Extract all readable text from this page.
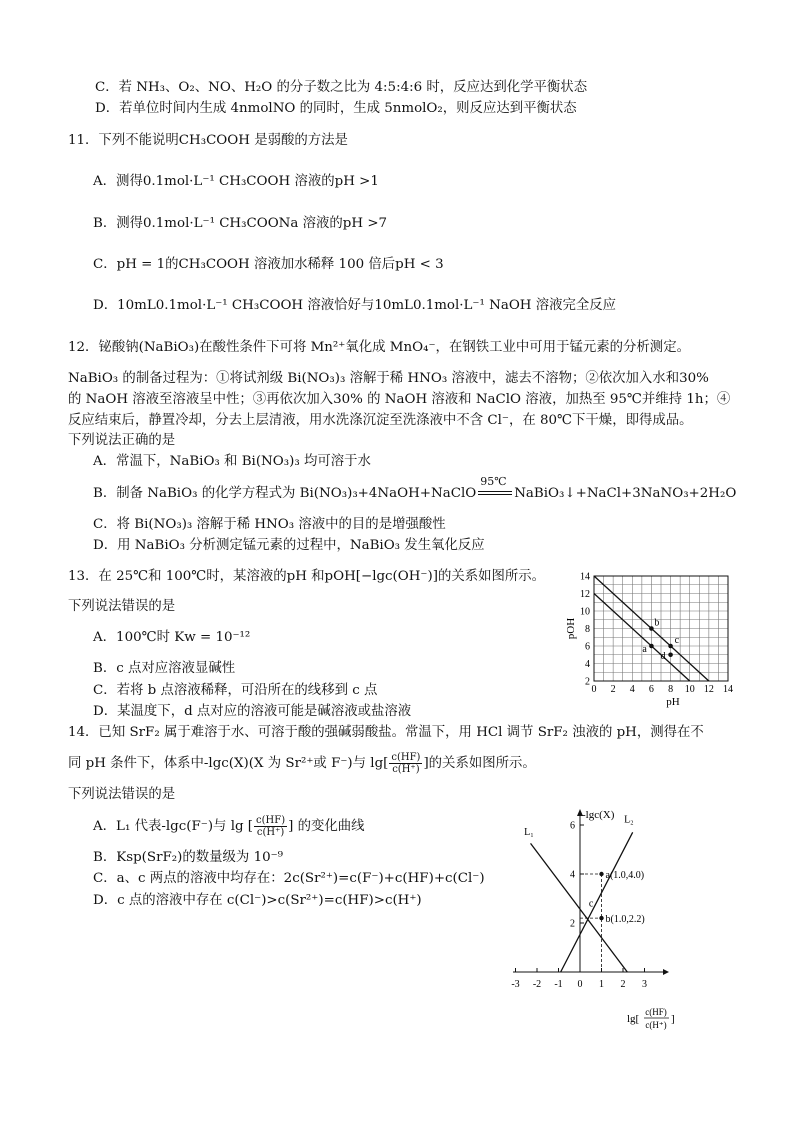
C．若 NH₃、O₂、NO、H₂O 的分子数之比为 4:5:4:6 时，反应达到化学平衡状态
D．若单位时间内生成 4nmolNO 的同时，生成 5nmolO₂，则反应达到平衡状态
11．下列不能说明CH₃COOH 是弱酸的方法是
A．测得0.1mol·L⁻¹ CH₃COOH 溶液的pH >1
B．测得0.1mol·L⁻¹ CH₃COONa 溶液的pH >7
C．pH = 1的CH₃COOH 溶液加水稀释 100 倍后pH < 3
D．10mL0.1mol·L⁻¹ CH₃COOH 溶液恰好与10mL0.1mol·L⁻¹ NaOH 溶液完全反应
12．铋酸钠(NaBiO₃)在酸性条件下可将 Mn²⁺氧化成 MnO₄⁻，在钢铁工业中可用于锰元素的分析测定。
NaBiO₃ 的制备过程为：①将试剂级 Bi(NO₃)₃ 溶解于稀 HNO₃ 溶液中，滤去不溶物；②依次加入水和30%
的 NaOH 溶液至溶液呈中性；③再依次加入30% 的 NaOH 溶液和 NaClO 溶液，加热至 95℃并维持 1h；④
反应结束后，静置冷却，分去上层清液，用水洗涤沉淀至洗涤液中不含 Cl⁻，在 80℃下干燥，即得成品。
下列说法正确的是
A．常温下，NaBiO₃ 和 Bi(NO₃)₃ 均可溶于水
B．制备 NaBiO₃ 的化学方程式为 Bi(NO₃)₃+4NaOH+NaClO
95℃
NaBiO₃↓+NaCl+3NaNO₃+2H₂O
C．将 Bi(NO₃)₃ 溶解于稀 HNO₃ 溶液中的目的是增强酸性
D．用 NaBiO₃ 分析测定锰元素的过程中，NaBiO₃ 发生氧化反应
13．在 25℃和 100℃时，某溶液的pH 和pOH[−lgc(OH⁻)]的关系如图所示。
下列说法错误的是
A．100℃时 Kw = 10⁻¹²
B．c 点对应溶液显碱性
C．若将 b 点溶液稀释，可沿所在的线移到 c 点
D．某温度下，d 点对应的溶液可能是碱溶液或盐溶液
0 2 4 6 8 10 12 14
2
4
6
8
10
12
14
pH
pOH
a
b
c
d
14．已知 SrF₂ 属于难溶于水、可溶于酸的强碱弱酸盐。常温下，用 HCl 调节 SrF₂ 浊液的 pH，测得在不
同 pH 条件下，体系中-lgc(X)(X 为 Sr²⁺或 F⁻)与 $\lg[ \frac{c(HF)}{c(H^+)}$ ]的关系如图所示。
下列说法错误的是
A．L₁ 代表-lgc(F⁻)与 lg [ $\frac{c(HF)}{c(H^+)}$ ] 的变化曲线
B．Ksp(SrF₂)的数量级为 10⁻⁹
C．a、c 两点的溶液中均存在：2c(Sr²⁺)=c(F⁻)+c(HF)+c(Cl⁻)
D．c 点的溶液中存在 c(Cl⁻)>c(Sr²⁺)=c(HF)>c(H⁺)
-3 -2 -1 0 1 2 3
2
4
6
-lgc(X)
lg[
c(HF)
c(H⁺) ]
L₁
L₂
a(1.0,4.0)
b(1.0,2.2)
c
